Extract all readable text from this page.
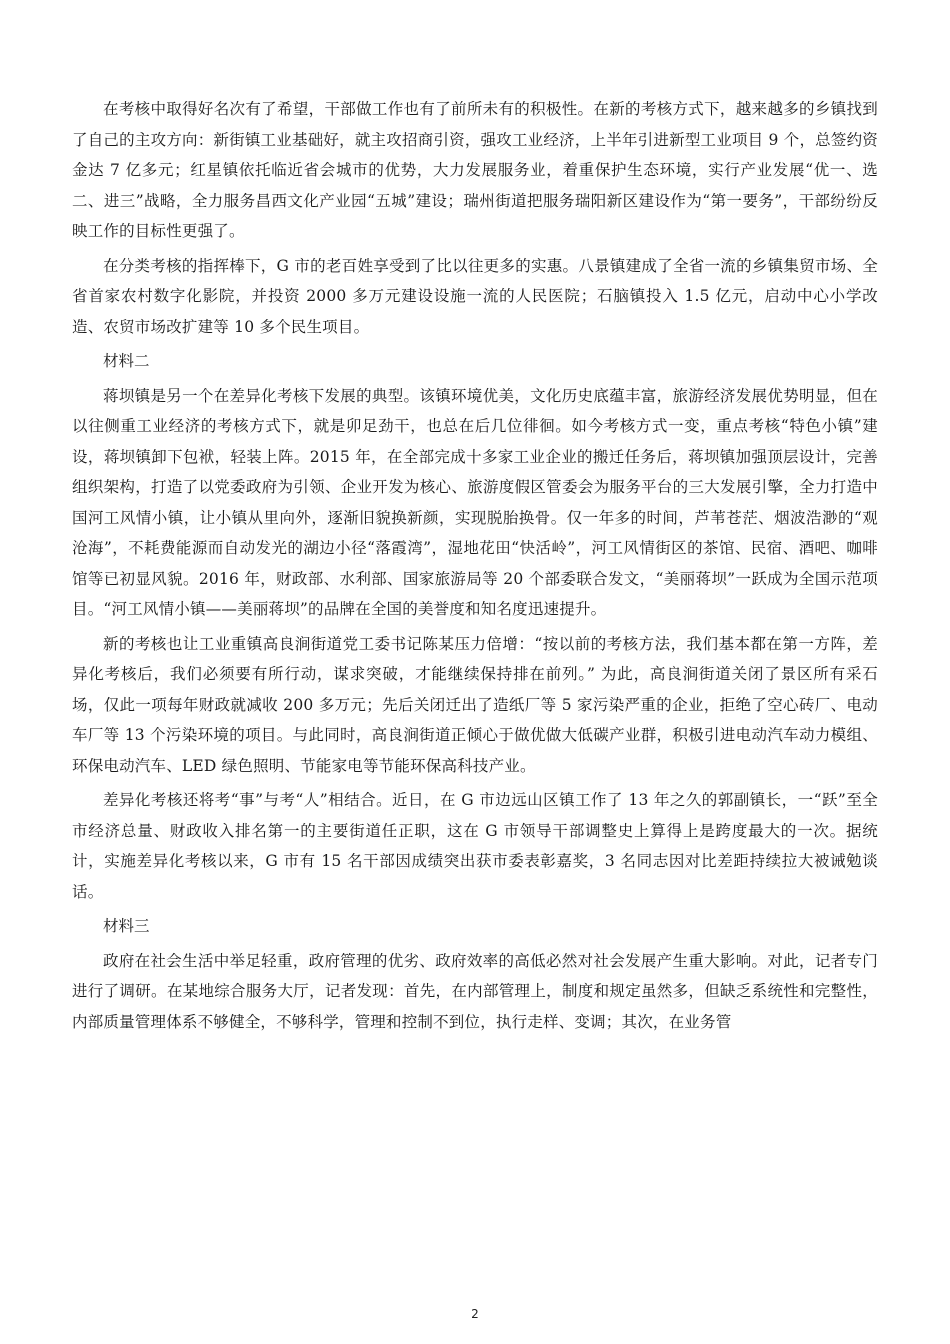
在考核中取得好名次有了希望，干部做工作也有了前所未有的积极性。在新的考核方式下，越来越多的乡镇找到了自己的主攻方向：新街镇工业基础好，就主攻招商引资，强攻工业经济，上半年引进新型工业项目 9 个，总签约资金达 7 亿多元；红星镇依托临近省会城市的优势，大力发展服务业，着重保护生态环境，实行产业发展“优一、选二、进三”战略，全力服务昌西文化产业园“五城”建设；瑞州街道把服务瑞阳新区建设作为“第一要务”，干部纷纷反映工作的目标性更强了。

在分类考核的指挥棒下，G 市的老百姓享受到了比以往更多的实惠。八景镇建成了全省一流的乡镇集贸市场、全省首家农村数字化影院，并投资 2000 多万元建设设施一流的人民医院；石脑镇投入 1.5 亿元，启动中心小学改造、农贸市场改扩建等 10 多个民生项目。

材料二

蒋坝镇是另一个在差异化考核下发展的典型。该镇环境优美，文化历史底蕴丰富，旅游经济发展优势明显，但在以往侧重工业经济的考核方式下，就是卯足劲干，也总在后几位徘徊。如今考核方式一变，重点考核“特色小镇”建设，蒋坝镇卸下包袱，轻装上阵。2015 年，在全部完成十多家工业企业的搬迁任务后，蒋坝镇加强顶层设计，完善组织架构，打造了以党委政府为引领、企业开发为核心、旅游度假区管委会为服务平台的三大发展引擎，全力打造中国河工风情小镇，让小镇从里向外，逐渐旧貌换新颜，实现脱胎换骨。仅一年多的时间，芦苇苍茫、烟波浩渺的“观沧海”，不耗费能源而自动发光的湖边小径“落霞湾”，湿地花田“快活岭”，河工风情街区的茶馆、民宿、酒吧、咖啡馆等已初显风貌。2016 年，财政部、水利部、国家旅游局等 20 个部委联合发文，“美丽蒋坝”一跃成为全国示范项目。“河工风情小镇——美丽蒋坝”的品牌在全国的美誉度和知名度迅速提升。

新的考核也让工业重镇高良涧街道党工委书记陈某压力倍增：“按以前的考核方法，我们基本都在第一方阵，差异化考核后，我们必须要有所行动，谋求突破，才能继续保持排在前列。” 为此，高良涧街道关闭了景区所有采石场，仅此一项每年财政就减收 200 多万元；先后关闭迁出了造纸厂等 5 家污染严重的企业，拒绝了空心砖厂、电动车厂等 13 个污染环境的项目。与此同时，高良涧街道正倾心于做优做大低碳产业群，积极引进电动汽车动力模组、环保电动汽车、LED 绿色照明、节能家电等节能环保高科技产业。

差异化考核还将考“事”与考“人”相结合。近日，在 G 市边远山区镇工作了 13 年之久的郭副镇长，一“跃”至全市经济总量、财政收入排名第一的主要街道任正职，这在 G 市领导干部调整史上算得上是跨度最大的一次。据统计，实施差异化考核以来，G 市有 15 名干部因成绩突出获市委表彰嘉奖，3 名同志因对比差距持续拉大被诫勉谈话。

材料三

政府在社会生活中举足轻重，政府管理的优劣、政府效率的高低必然对社会发展产生重大影响。对此，记者专门进行了调研。在某地综合服务大厅，记者发现：首先，在内部管理上，制度和规定虽然多，但缺乏系统性和完整性，内部质量管理体系不够健全，不够科学，管理和控制不到位，执行走样、变调；其次，在业务管

2
